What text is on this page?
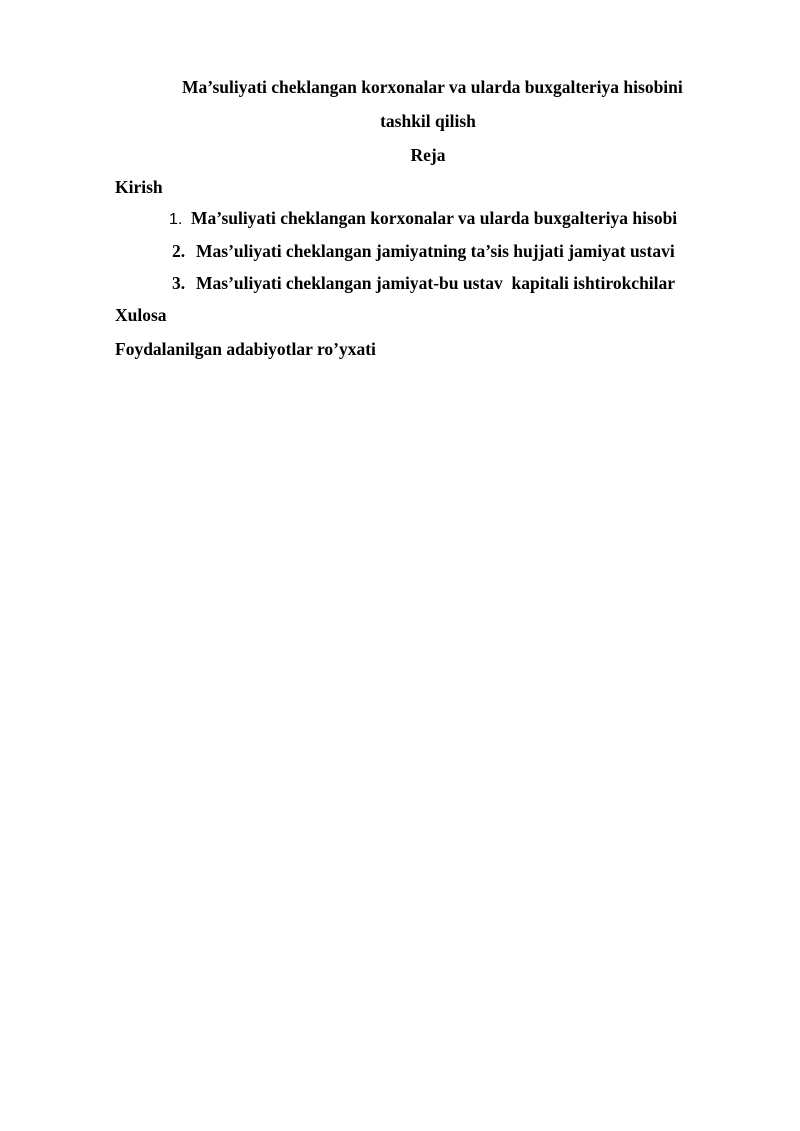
Ma’suliyati cheklangan korxonalar va ularda buxgalteriya hisobini
tashkil qilish
Reja
Kirish
1. Ma’suliyati cheklangan korxonalar va ularda buxgalteriya hisobi
2. Mas’uliyati cheklangan jamiyatning ta’sis hujjati jamiyat ustavi
3. Mas’uliyati cheklangan jamiyat-bu ustav  kapitali ishtirokchilar
Xulosa
Foydalanilgan adabiyotlar ro’yxati
